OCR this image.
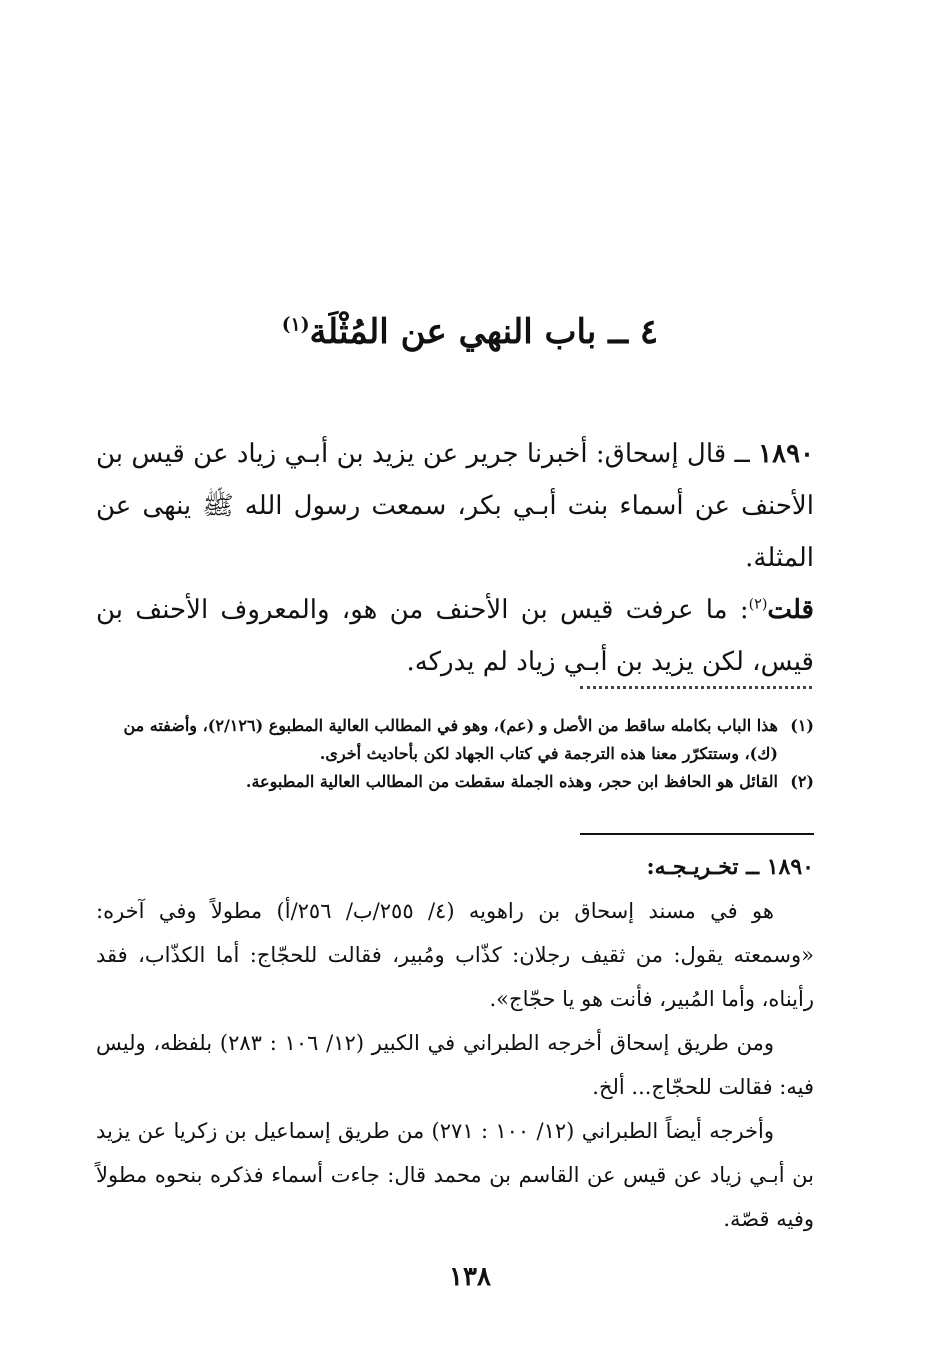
٤ ــ باب النهي عن المُثْلَة$^{(١)}$

١٨٩٠ ــ قال إسحاق: أخبرنا جرير عن يزيد بن أبـي زياد عن قيس بن الأحنف عن أسماء بنت أبـي بكر، سمعت رسول الله ﷺ ينهى عن المثلة.

قلت$^{(٢)}$: ما عرفت قيس بن الأحنف من هو، والمعروف الأحنف بن قيس، لكن يزيد بن أبـي زياد لم يدركه.

(١)
هذا الباب بكامله ساقط من الأصل و (عم)، وهو في المطالب العالية المطبوع (٢/١٢٦)، وأضفته من (ك)، وستتكرّر معنا هذه الترجمة في كتاب الجهاد لكن بأحاديث أخرى.

(٢)
القائل هو الحافظ ابن حجر، وهذه الجملة سقطت من المطالب العالية المطبوعة.

١٨٩٠ ــ تخـريـجـه:

هو في مسند إسحاق بن راهويه (٤/ ٢٥٥/ب/ ٢٥٦/أ) مطولاً وفي آخره: «وسمعته يقول: من ثقيف رجلان: كذّاب ومُبير، فقالت للحجّاج: أما الكذّاب، فقد رأيناه، وأما المُبير، فأنت هو يا حجّاج».

ومن طريق إسحاق أخرجه الطبراني في الكبير (١٢/ ١٠٦ : ٢٨٣) بلفظه، وليس فيه: فقالت للحجّاج... ألخ.

وأخرجه أيضاً الطبراني (١٢/ ١٠٠ : ٢٧١) من طريق إسماعيل بن زكريا عن يزيد بن أبـي زياد عن قيس عن القاسم بن محمد قال: جاءت أسماء فذكره بنحوه مطولاً وفيه قصّة.

١٣٨
